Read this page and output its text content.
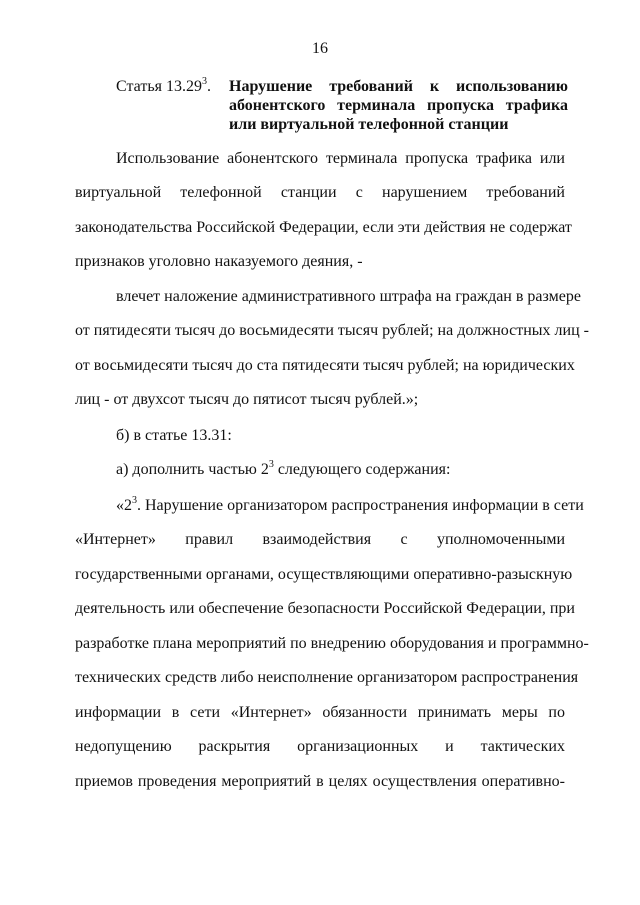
16
Статья 13.29$^3$. Нарушение требований к использованию абонентского терминала пропуска трафика или виртуальной телефонной станции
Использование абонентского терминала пропуска трафика или
виртуальной телефонной станции с нарушением требований
законодательства Российской Федерации, если эти действия не содержат
признаков уголовно наказуемого деяния, -
влечет наложение административного штрафа на граждан в размере
от пятидесяти тысяч до восьмидесяти тысяч рублей; на должностных лиц -
от восьмидесяти тысяч до ста пятидесяти тысяч рублей; на юридических
лиц - от двухсот тысяч до пятисот тысяч рублей.»;
б) в статье 13.31:
а) дополнить частью $2^3$ следующего содержания:
«$2^3$. Нарушение организатором распространения информации в сети
«Интернет» правил взаимодействия с уполномоченными
государственными органами, осуществляющими оперативно-разыскную
деятельность или обеспечение безопасности Российской Федерации, при
разработке плана мероприятий по внедрению оборудования и программно-
технических средств либо неисполнение организатором распространения
информации в сети «Интернет» обязанности принимать меры по
недопущению раскрытия организационных и тактических
приемов проведения мероприятий в целях осуществления оперативно-
